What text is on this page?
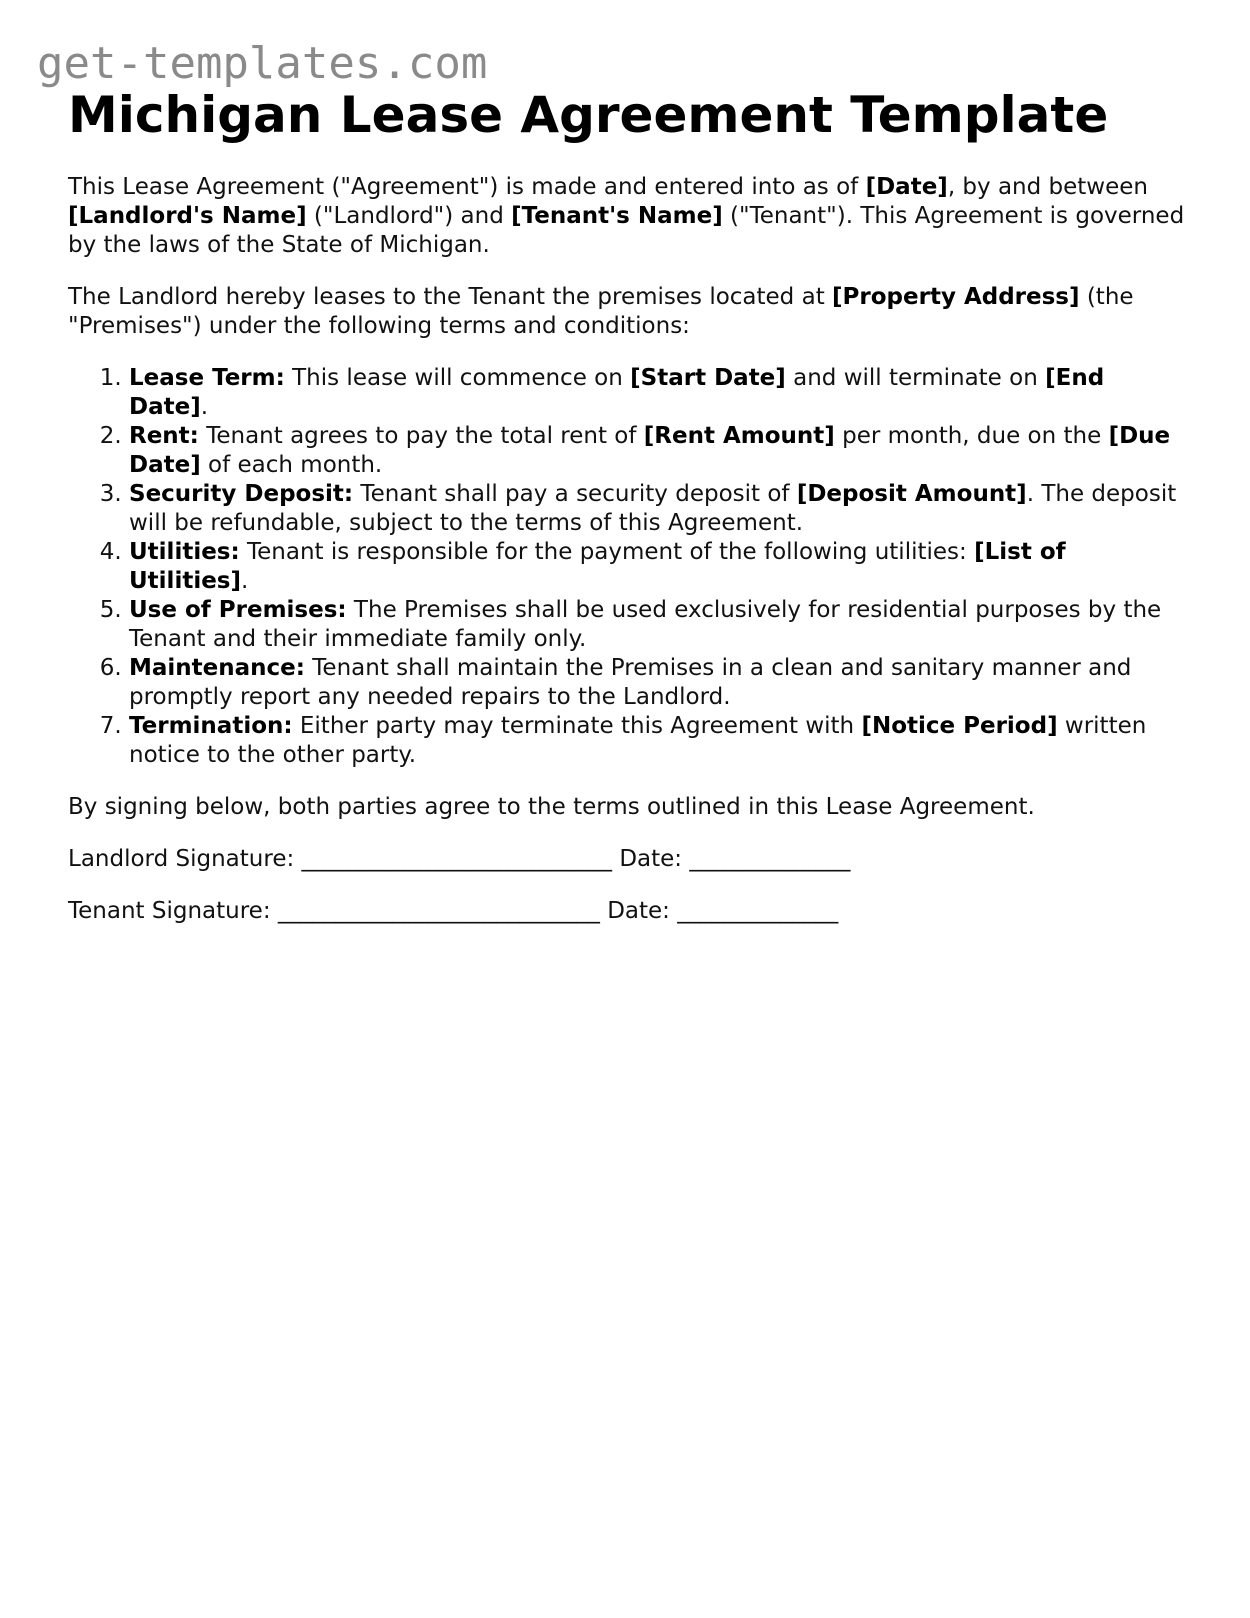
get-templates.com
Michigan Lease Agreement Template

This Lease Agreement ("Agreement") is made and entered into as of [Date], by and between [Landlord's Name] ("Landlord") and [Tenant's Name] ("Tenant"). This Agreement is governed by the laws of the State of Michigan.

The Landlord hereby leases to the Tenant the premises located at [Property Address] (the "Premises") under the following terms and conditions:

1. Lease Term: This lease will commence on [Start Date] and will terminate on [End Date].
2. Rent: Tenant agrees to pay the total rent of [Rent Amount] per month, due on the [Due Date] of each month.
3. Security Deposit: Tenant shall pay a security deposit of [Deposit Amount]. The deposit will be refundable, subject to the terms of this Agreement.
4. Utilities: Tenant is responsible for the payment of the following utilities: [List of Utilities].
5. Use of Premises: The Premises shall be used exclusively for residential purposes by the Tenant and their immediate family only.
6. Maintenance: Tenant shall maintain the Premises in a clean and sanitary manner and promptly report any needed repairs to the Landlord.
7. Termination: Either party may terminate this Agreement with [Notice Period] written notice to the other party.

By signing below, both parties agree to the terms outlined in this Lease Agreement.

Landlord Signature: ___________________________ Date: ______________

Tenant Signature: ____________________________ Date: ______________
